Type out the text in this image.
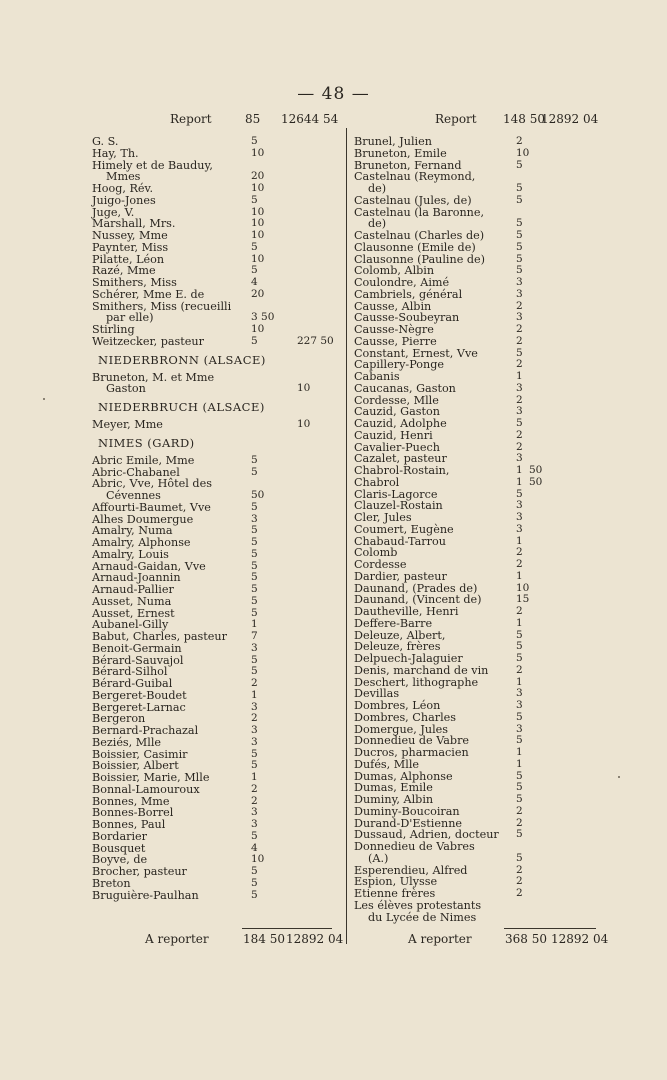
— 48 —
Report	85 12644 54
G. S.	5
Hay, Th.	10
Himely et de Bauduy,
Mmes	20
Hoog, Rév.	10
Juigo-Jones	5
Juge, V.	10
Marshall, Mrs.	10
Nussey, Mme	10
Paynter, Miss	5
Pilatte, Léon	10
Razé, Mme	5
Smithers, Miss	4
Schérer, Mme E. de	20
Smithers, Miss (recueilli
par elle)	3 50
Stirling	10
Weitzecker, pasteur	5	227 50
NIEDERBRONN (ALSACE)
Bruneton, M. et Mme
Gaston	10
NIEDERBRUCH (ALSACE)
Meyer, Mme	10
NIMES (GARD)
Abric Emile, Mme	5
Abric-Chabanel	5
Abric, Vve, Hôtel des
Cévennes	50
Affourti-Baumet, Vve	5
Alhes Doumergue	3
Amalry, Numa	5
Amalry, Alphonse	5
Amalry, Louis	5
Arnaud-Gaidan, Vve	5
Arnaud-Joannin	5
Arnaud-Pallier	5
Ausset, Numa	5
Ausset, Ernest	5
Aubanel-Gilly	1
Babut, Charles, pasteur 7
Benoit-Germain	3
Bérard-Sauvajol	5
Bérard-Silhol	5
Bérard-Guibal	2
Bergeret-Boudet	1
Bergeret-Larnac	3
Bergeron	2
Bernard-Prachazal	3
Beziés, Mlle	3
Boissier, Casimir	5
Boissier, Albert	5
Boissier, Marie, Mlle	1
Bonnal-Lamouroux	2
Bonnes, Mme	2
Bonnes-Borrel	3
Bonnes, Paul	3
Bordarier	5
Bousquet	4
Boyve, de	10
Brocher, pasteur	5
Breton	5
Bruguière-Paulhan	5
Report 148 50
12892 04
Brunel, Julien	2
Bruneton, Emile	10
Bruneton, Fernand	5
Castelnau (Reymond,
de)	5
Castelnau (Jules, de)	5
Castelnau (la Baronne,
de)	5
Castelnau (Charles de)	5
Clausonne (Emile de)	5
Clausonne (Pauline de)	5
Colomb, Albin	5
Coulondre, Aimé	3
Cambriels, général	3
Causse, Albin	2
Causse-Soubeyran	3
Causse-Nègre	2
Causse, Pierre	2
Constant, Ernest, Vve	5
Capillery-Ponge	2
Cabanis	1
Caucanas, Gaston	3
Cordesse, Mlle	2
Cauzid, Gaston	3
Cauzid, Adolphe	5
Cauzid, Henri	2
Cavalier-Puech	2
Cazalet, pasteur	3
Chabrol-Rostain,	1 50
Chabrol	1 50
Claris-Lagorce	5
Clauzel-Rostain	3
Cler, Jules	3
Coumert, Eugène	3
Chabaud-Tarrou	1
Colomb	2
Cordesse	2
Dardier, pasteur	1
Daunand, (Prades de)	10
Daunand, (Vincent de)	15
Dautheville, Henri	2
Deffere-Barre	1
Deleuze, Albert,	5
Deleuze, frères	5
Delpuech-Jalaguier	5
Denis, marchand de vin	2
Deschert, lithographe	1
Devillas	3
Dombres, Léon	3
Dombres, Charles	5
Domergue, Jules	3
Donnedieu de Vabre	5
Ducros, pharmacien	1
Dufés, Mlle	1
Dumas, Alphonse	5
Dumas, Emile	5
Duminy, Albin	5
Duminy-Boucoiran	2
Durand-D'Estienne	2
Dussaud, Adrien, docteur 5
Donnedieu de Vabres
(A.)	5
Esperendieu, Alfred	2
Espion, Ulysse	2
Etienne frères	2
Les élèves protestants
du Lycée de Nimes
A reporter	184 50 12892 04	A reporter	368 50 12892 04
